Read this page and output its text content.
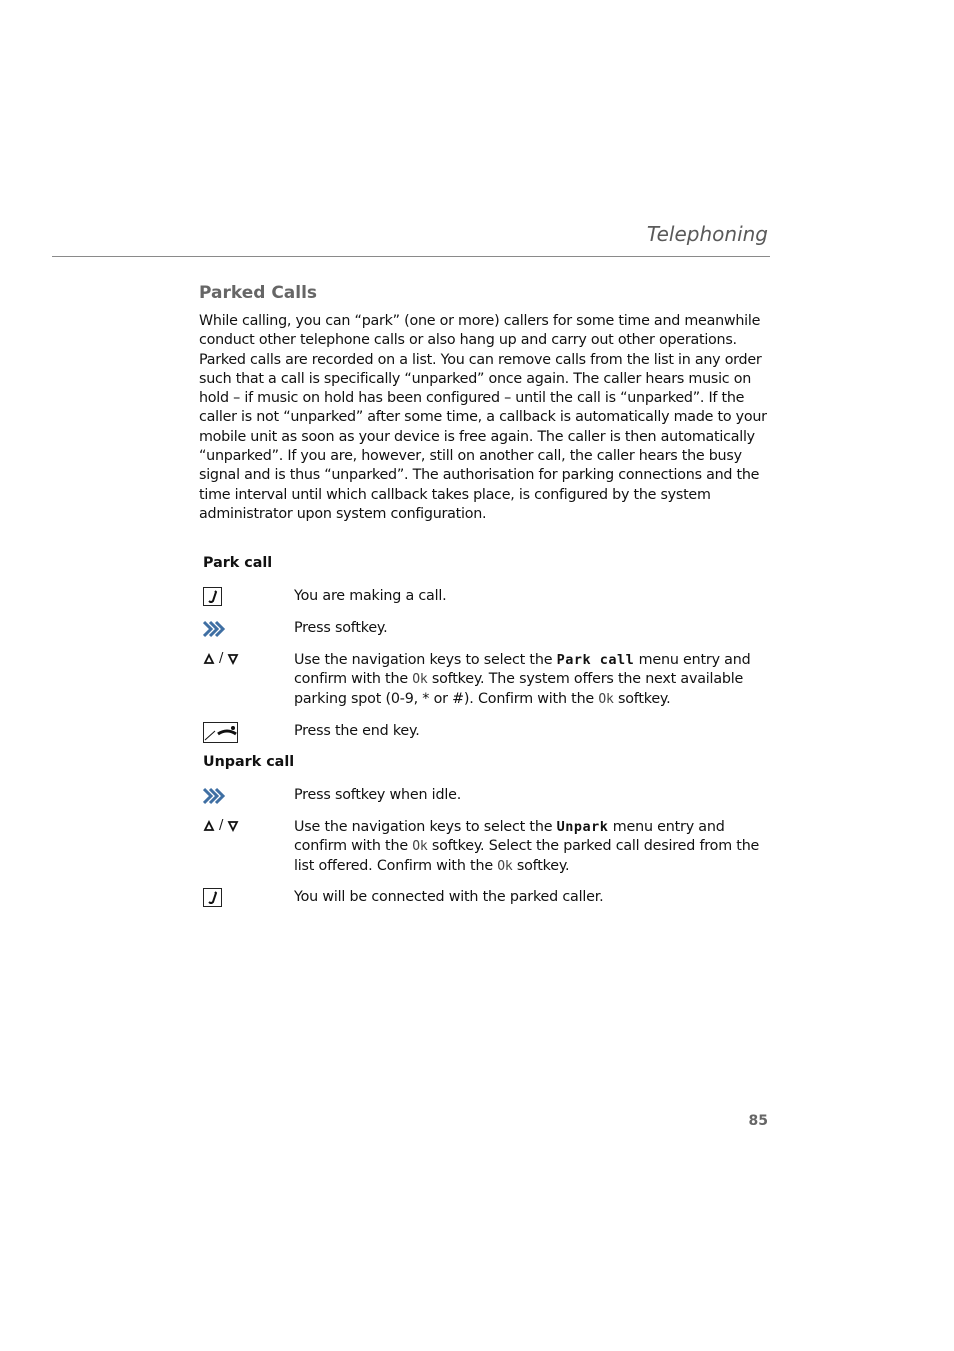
Telephoning
Parked Calls
While calling, you can “park” (one or more) callers for some time and meanwhile conduct other telephone calls or also hang up and carry out other operations. Parked calls are recorded on a list. You can remove calls from the list in any order such that a call is specifically “unparked” once again. The caller hears music on hold – if music on hold has been configured – until the call is “unparked”. If the caller is not “unparked” after some time, a callback is automatically made to your mobile unit as soon as your device is free again. The caller is then automatically “unparked”. If you are, however, still on another call, the caller hears the busy signal and is thus “unparked”. The authorisation for parking connections and the time interval until which callback takes place, is configured by the system administrator upon system configuration.
Park call
You are making a call.
Press softkey.
/	Use the navigation keys to select the Park call menu entry and confirm with the Ok softkey. The system offers the next available parking spot (0-9, * or #). Confirm with the Ok softkey.
Press the end key.
Unpark call
Press softkey when idle.
/	Use the navigation keys to select the Unpark menu entry and confirm with the Ok softkey. Select the parked call desired from the list offered. Confirm with the Ok softkey.
You will be connected with the parked caller.
85
